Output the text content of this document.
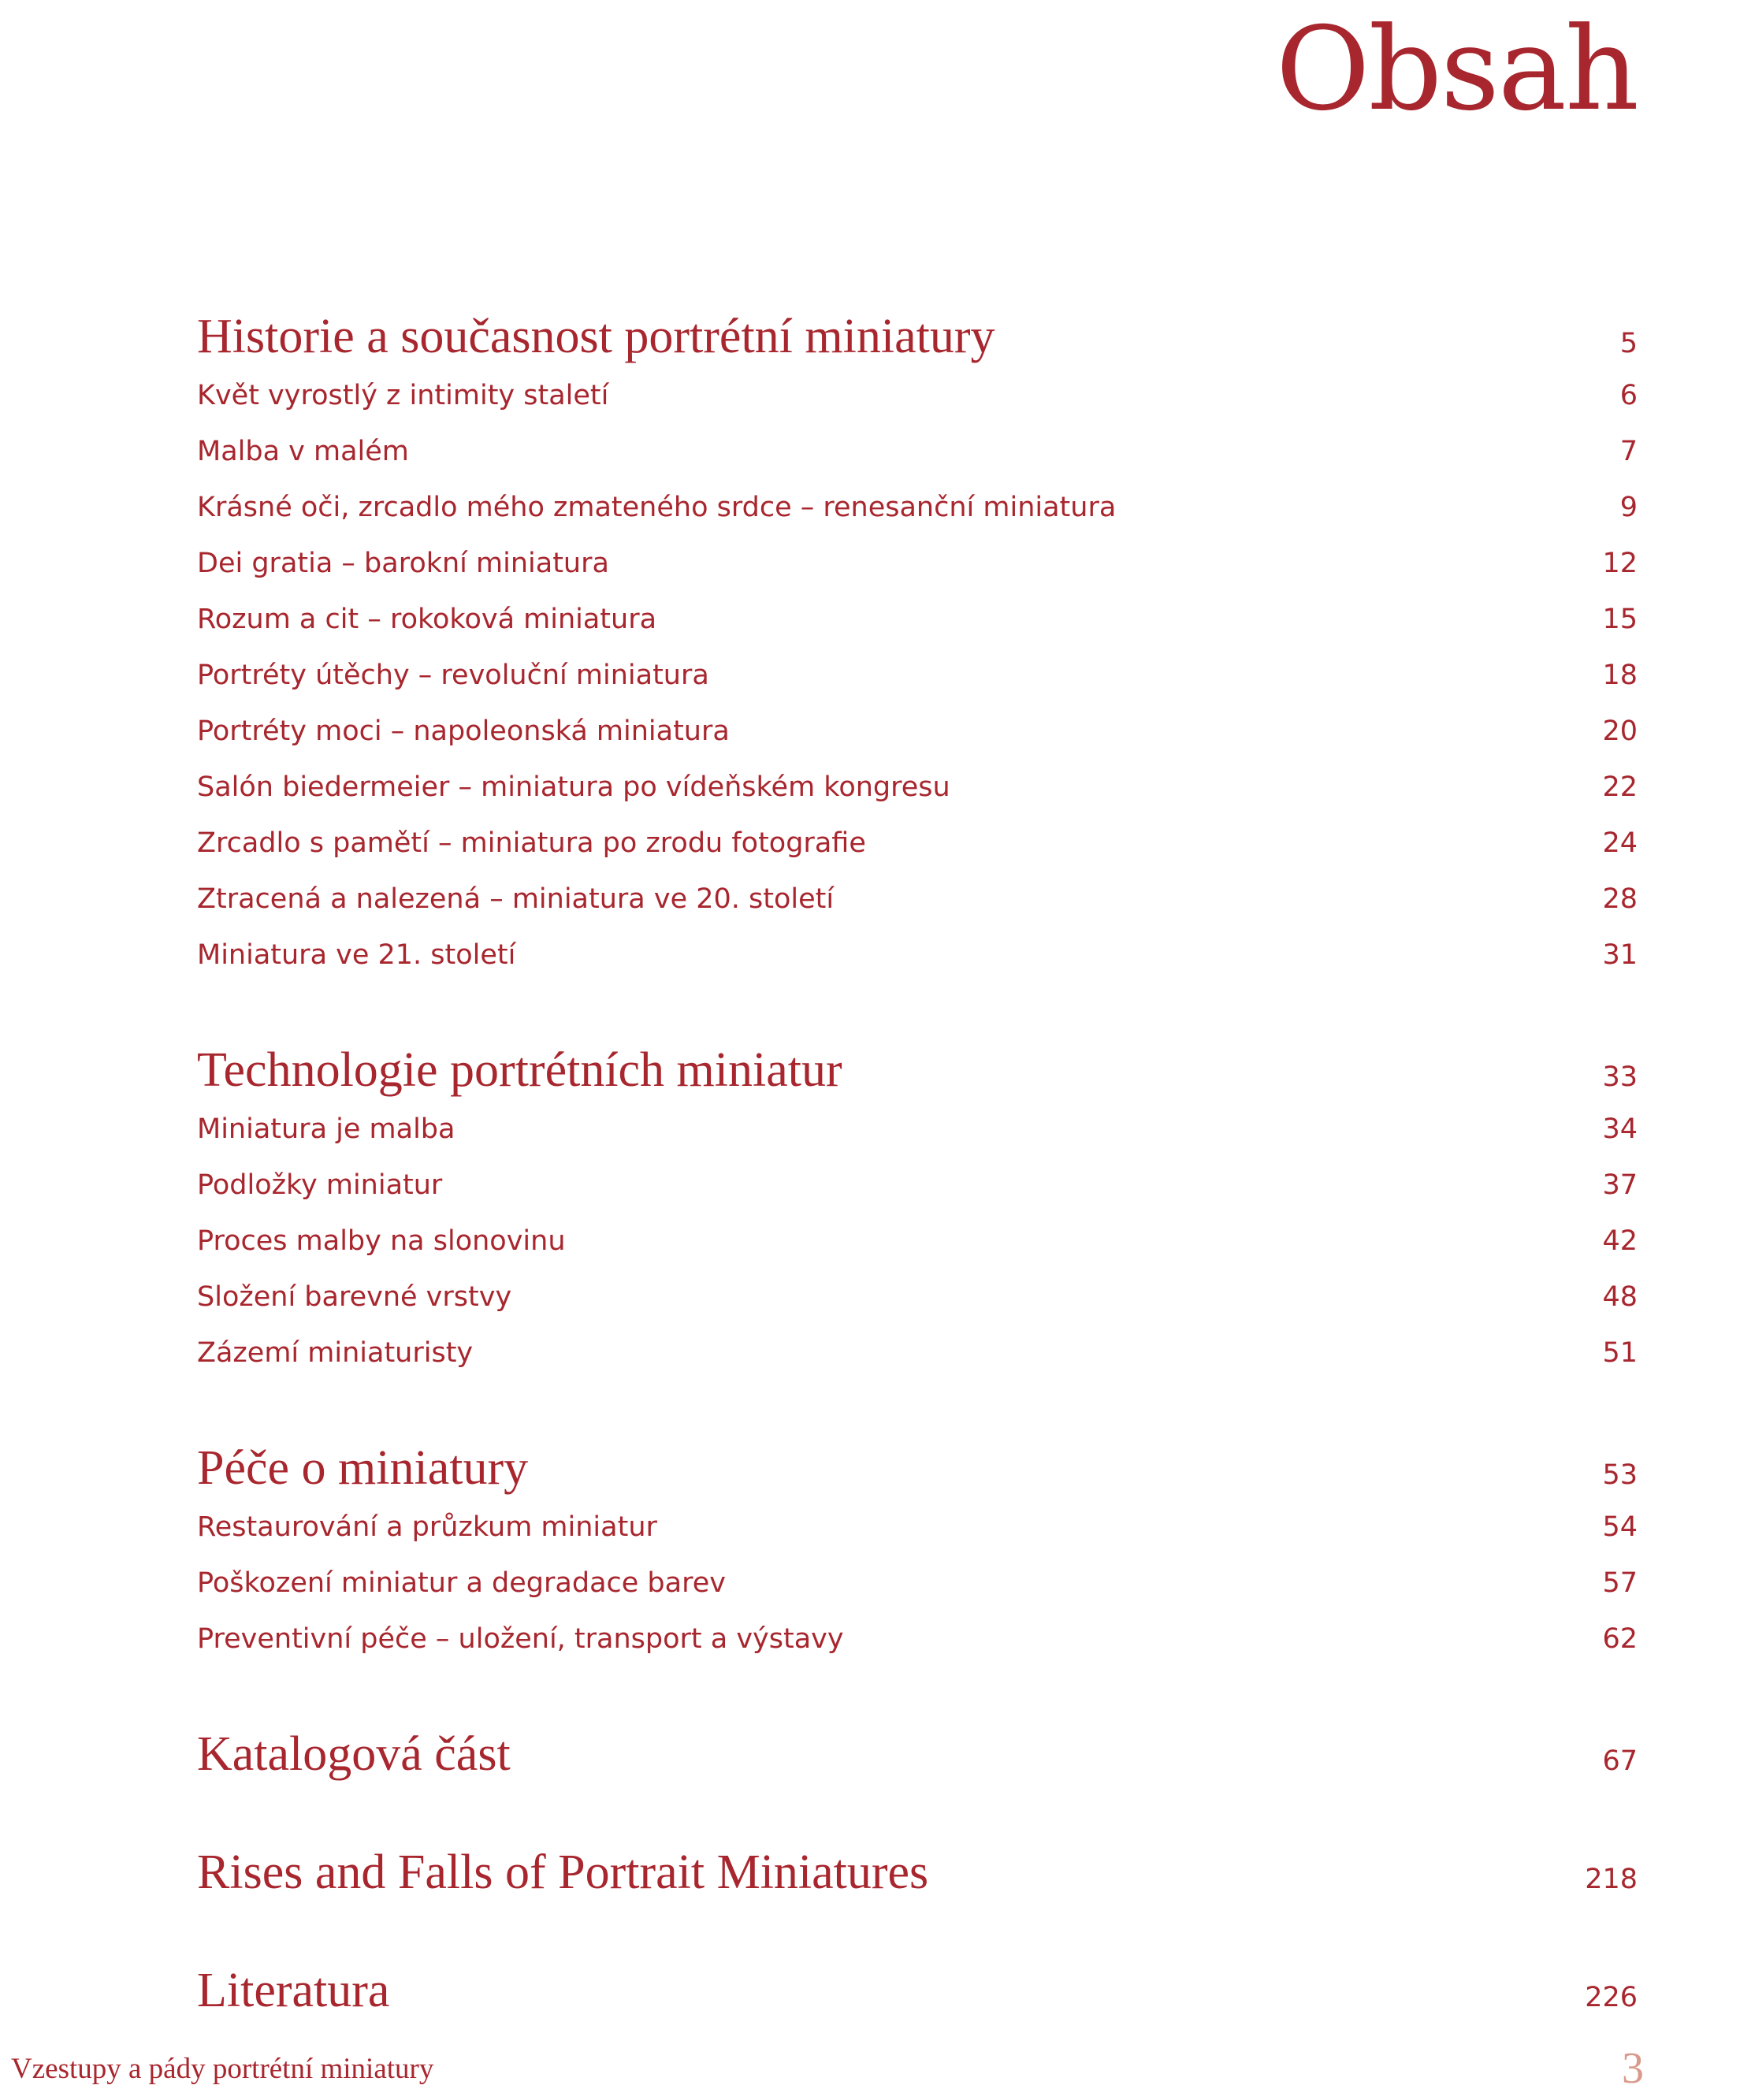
Obsah
Historie a současnost portrétní miniatury	5
Květ vyrostlý z intimity staletí	6
Malba v malém	7
Krásné oči, zrcadlo mého zmateného srdce – renesanční miniatura	9
Dei gratia – barokní miniatura	12
Rozum a cit – rokoková miniatura	15
Portréty útěchy – revoluční miniatura	18
Portréty moci – napoleonská miniatura	20
Salón biedermeier – miniatura po vídeňském kongresu	22
Zrcadlo s pamětí – miniatura po zrodu fotografie	24
Ztracená a nalezená – miniatura ve 20. století	28
Miniatura ve 21. století	31
Technologie portrétních miniatur	33
Miniatura je malba	34
Podložky miniatur	37
Proces malby na slonovinu	42
Složení barevné vrstvy	48
Zázemí miniaturisty	51
Péče o miniatury	53
Restaurování a průzkum miniatur	54
Poškození miniatur a degradace barev	57
Preventivní péče – uložení, transport a výstavy	62
Katalogová část	67
Rises and Falls of Portrait Miniatures	218
Literatura	226
Vzestupy a pády portrétní miniatury	3
